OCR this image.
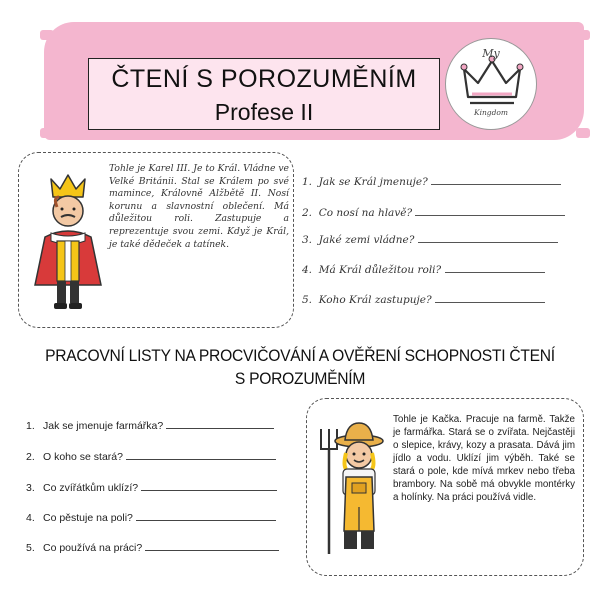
ČTENÍ S POROZUMĚNÍM
Profese II
My
Kingdom
Tohle je Karel III. Je to Král. Vládne ve Velké Británii. Stal se Králem po své mamince, Královně Alžbětě II. Nosí korunu a slavnostní oblečení. Má důležitou roli. Zastupuje a reprezentuje svou zemi. Když je Král, je také dědeček a tatínek.
1. Jak se Král jmenuje?
2. Co nosí na hlavě?
3. Jaké zemi vládne?
4. Má Král důležitou roli?
5. Koho Král zastupuje?
PRACOVNÍ LISTY NA PROCVIČOVÁNÍ A OVĚŘENÍ SCHOPNOSTI ČTENÍ S POROZUMĚNÍM
1. Jak se jmenuje farmářka?
2. O koho se stará?
3. Co zvířátkům uklízí?
4. Co pěstuje na poli?
5. Co používá na práci?
Tohle je Kačka. Pracuje na farmě. Takže je farmářka. Stará se o zvířata. Nejčastěji o slepice, krávy, kozy a prasata. Dává jim jídlo a vodu. Uklízí jim výběh. Také se stará o pole, kde mívá mrkev nebo třeba brambory. Na sobě má obvykle montérky a holínky. Na práci používá vidle.
